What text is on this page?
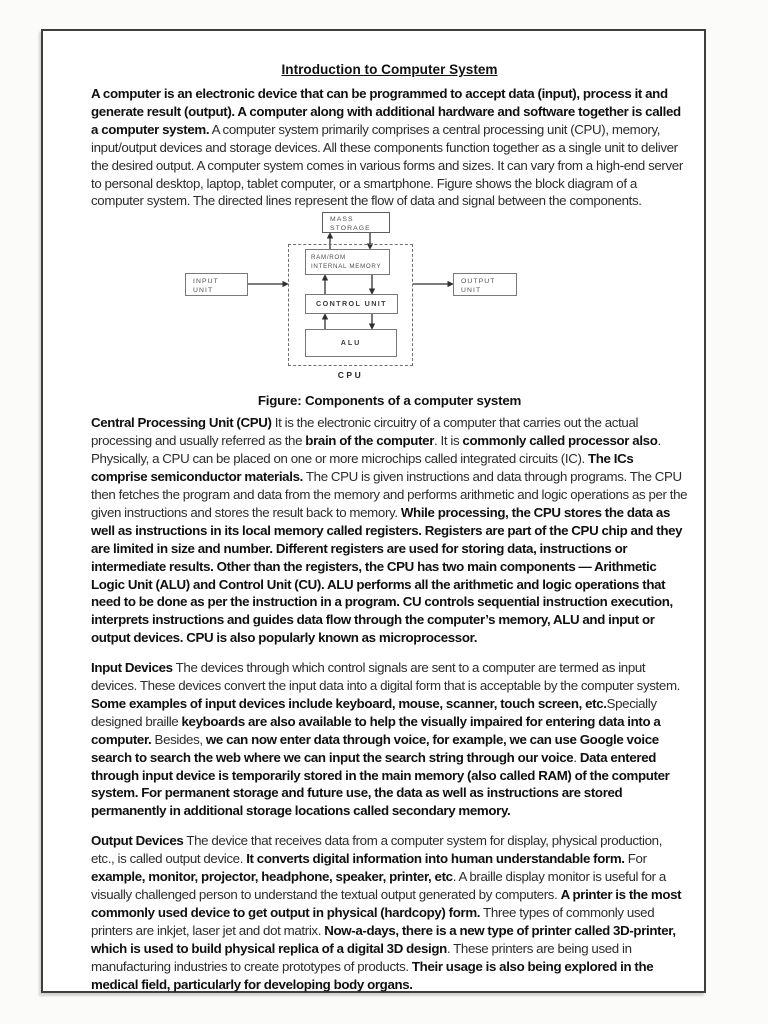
Introduction to Computer System

A computer is an electronic device that can be programmed to accept data (input), process it and generate result (output). A computer along with additional hardware and software together is called a computer system. A computer system primarily comprises a central processing unit (CPU), memory, input/output devices and storage devices. All these components function together as a single unit to deliver the desired output. A computer system comes in various forms and sizes. It can vary from a high-end server to personal desktop, laptop, tablet computer, or a smartphone. Figure shows the block diagram of a computer system. The directed lines represent the flow of data and signal between the components.

MASS
STORAGE
RAM/ROM
INTERNAL MEMORY
CONTROL UNIT
ALU
INPUT
UNIT
OUTPUT
UNIT
CPU
Figure: Components of a computer system

Central Processing Unit (CPU) It is the electronic circuitry of a computer that carries out the actual processing and usually referred as the brain of the computer. It is commonly called processor also. Physically, a CPU can be placed on one or more microchips called integrated circuits (IC). The ICs comprise semiconductor materials. The CPU is given instructions and data through programs. The CPU then fetches the program and data from the memory and performs arithmetic and logic operations as per the given instructions and stores the result back to memory. While processing, the CPU stores the data as well as instructions in its local memory called registers. Registers are part of the CPU chip and they are limited in size and number. Different registers are used for storing data, instructions or intermediate results. Other than the registers, the CPU has two main components — Arithmetic Logic Unit (ALU) and Control Unit (CU). ALU performs all the arithmetic and logic operations that need to be done as per the instruction in a program. CU controls sequential instruction execution, interprets instructions and guides data flow through the computer’s memory, ALU and input or output devices. CPU is also popularly known as microprocessor.

Input Devices The devices through which control signals are sent to a computer are termed as input devices. These devices convert the input data into a digital form that is acceptable by the computer system. Some examples of input devices include keyboard, mouse, scanner, touch screen, etc.Specially designed braille keyboards are also available to help the visually impaired for entering data into a computer. Besides, we can now enter data through voice, for example, we can use Google voice search to search the web where we can input the search string through our voice. Data entered through input device is temporarily stored in the main memory (also called RAM) of the computer system. For permanent storage and future use, the data as well as instructions are stored permanently in additional storage locations called secondary memory.

Output Devices The device that receives data from a computer system for display, physical production, etc., is called output device. It converts digital information into human understandable form. For example, monitor, projector, headphone, speaker, printer, etc. A braille display monitor is useful for a visually challenged person to understand the textual output generated by computers. A printer is the most commonly used device to get output in physical (hardcopy) form. Three types of commonly used printers are inkjet, laser jet and dot matrix. Now-a-days, there is a new type of printer called 3D-printer, which is used to build physical replica of a digital 3D design. These printers are being used in manufacturing industries to create prototypes of products. Their usage is also being explored in the medical field, particularly for developing body organs.
